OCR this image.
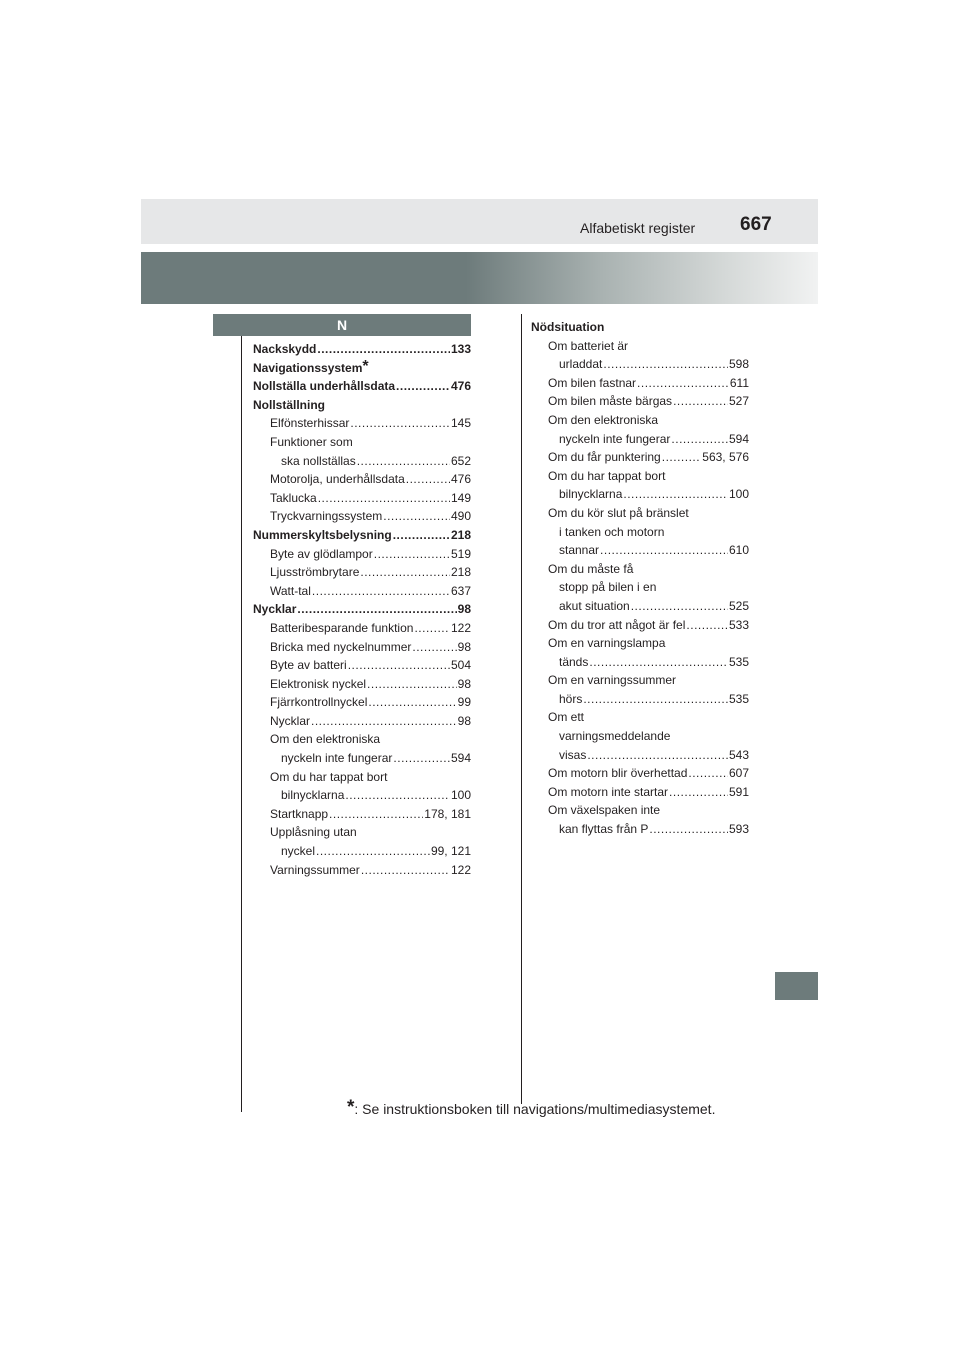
Alfabetiskt register 667
N
Nackskydd .....	133
Navigationssystem*
Nollställa underhållsdata .....	476
Nollställning
Elfönsterhissar .....	145
Funktioner som
ska nollställas .....	652
Motorolja, underhållsdata .....	476
Taklucka .....	149
Tryckvarningssystem .....	490
Nummerskyltsbelysning .....	218
Byte av glödlampor .....	519
Ljusströmbrytare .....	218
Watt-tal .....	637
Nycklar .....	98
Batteribesparande funktion .....	122
Bricka med nyckelnummer .....	98
Byte av batteri .....	504
Elektronisk nyckel .....	98
Fjärrkontrollnyckel .....	99
Nycklar .....	98
Om den elektroniska
nyckeln inte fungerar .....	594
Om du har tappat bort
bilnycklarna .....	100
Startknapp .....	178, 181
Upplåsning utan
nyckel .....	99, 121
Varningssummer .....	122
Nödsituation
Om batteriet är
urladdat .....	598
Om bilen fastnar .....	611
Om bilen måste bärgas .....	527
Om den elektroniska
nyckeln inte fungerar .....	594
Om du får punktering .....	563, 576
Om du har tappat bort
bilnycklarna .....	100
Om du kör slut på bränslet
i tanken och motorn
stannar .....	610
Om du måste få
stopp på bilen i en
akut situation .....	525
Om du tror att något är fel .....	533
Om en varningslampa
tänds .....	535
Om en varningssummer
hörs .....	535
Om ett
varningsmeddelande
visas .....	543
Om motorn blir överhettad .....	607
Om motorn inte startar .....	591
Om växelspaken inte
kan flyttas från P .....	593
*: Se instruktionsboken till navigations/multimediasystemet.
